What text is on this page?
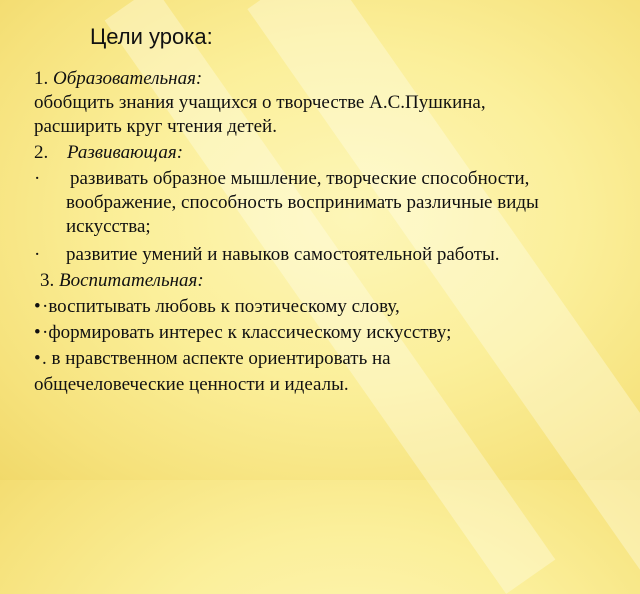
Цели урока:
1. Образовательная:
обобщить знания учащихся о творчестве А.С.Пушкина,
расширить круг чтения детей.
2. Развивающая:
· развивать образное мышление, творческие способности,
воображение, способность воспринимать различные виды
искусства;
· развитие умений и навыков самостоятельной работы.
3. Воспитательная:
• ·воспитывать любовь к поэтическому слову,
• ·формировать интерес к классическому искусству;
• . в нравственном аспекте ориентировать на
общечеловеческие ценности и идеалы.
